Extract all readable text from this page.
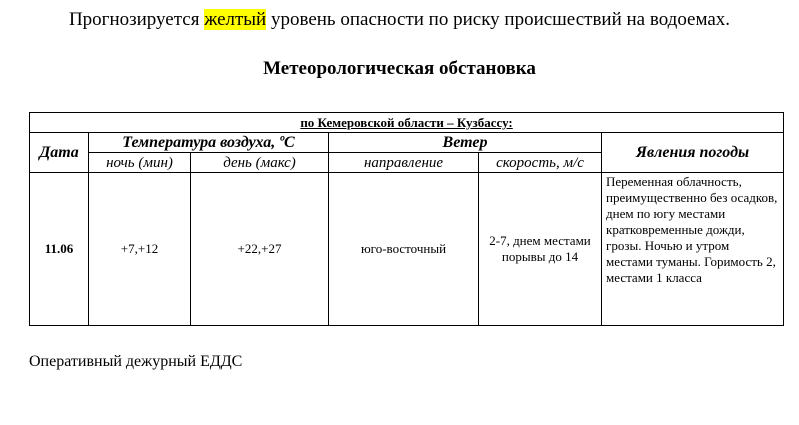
Прогнозируется желтый уровень опасности по риску происшествий на водоемах.
Метеорологическая обстановка
по Кемеровской области – Кузбассу:					
Дата	Температура воздуха, ºС		Ветер		Явления погоды
	ночь (мин)	день (макс)	направление	скорость, м/с	
11.06	+7,+12	+22,+27	юго-восточный	2-7, днем местами порывы до 14	Переменная облачность, преимущественно без осадков, днем по югу местами кратковременные дожди, грозы. Ночью и утром местами туманы. Горимость 2, местами 1 класса
Оперативный дежурный ЕДДС
